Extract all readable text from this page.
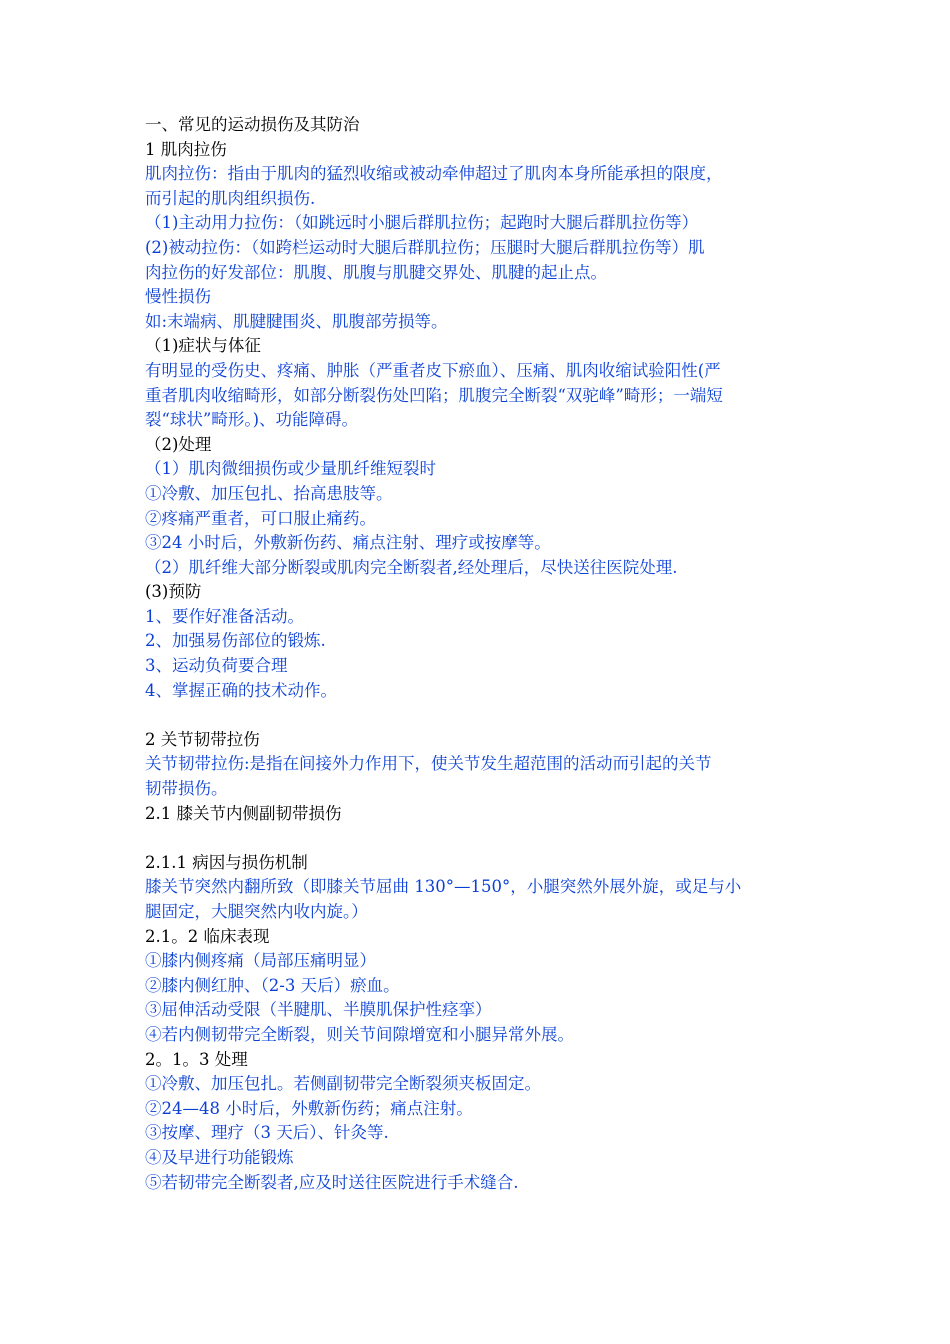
一、常见的运动损伤及其防治
1 肌肉拉伤
肌肉拉伤：指由于肌肉的猛烈收缩或被动牵伸超过了肌肉本身所能承担的限度，
而引起的肌肉组织损伤.
（1)主动用力拉伤：（如跳远时小腿后群肌拉伤；起跑时大腿后群肌拉伤等）
(2)被动拉伤：（如跨栏运动时大腿后群肌拉伤；压腿时大腿后群肌拉伤等）肌
肉拉伤的好发部位：肌腹、肌腹与肌腱交界处、肌腱的起止点。
慢性损伤
如:末端病、肌腱腱围炎、肌腹部劳损等。
（1)症状与体征
有明显的受伤史、疼痛、肿胀（严重者皮下瘀血）、压痛、肌肉收缩试验阳性(严
重者肌肉收缩畸形，如部分断裂伤处凹陷；肌腹完全断裂“双驼峰”畸形；一端短
裂“球状”畸形。)、功能障碍。
（2)处理
（1）肌肉微细损伤或少量肌纤维短裂时
①冷敷、加压包扎、抬高患肢等。
②疼痛严重者，可口服止痛药。
③24 小时后，外敷新伤药、痛点注射、理疗或按摩等。
（2）肌纤维大部分断裂或肌肉完全断裂者,经处理后，尽快送往医院处理.
(3)预防
1、要作好准备活动。
2、加强易伤部位的锻炼.
3、运动负荷要合理
4、掌握正确的技术动作。
2 关节韧带拉伤
关节韧带拉伤:是指在间接外力作用下，使关节发生超范围的活动而引起的关节
韧带损伤。
2.1 膝关节内侧副韧带损伤
2.1.1 病因与损伤机制
膝关节突然内翻所致（即膝关节屈曲 130°—150°，小腿突然外展外旋，或足与小
腿固定，大腿突然内收内旋。）
2.1。2 临床表现
①膝内侧疼痛（局部压痛明显）
②膝内侧红肿、（2-3 天后）瘀血。
③屈伸活动受限（半腱肌、半膜肌保护性痉挛）
④若内侧韧带完全断裂，则关节间隙增宽和小腿异常外展。
2。1。3 处理
①冷敷、加压包扎。若侧副韧带完全断裂须夹板固定。
②24—48 小时后，外敷新伤药；痛点注射。
③按摩、理疗（3 天后）、针灸等.
④及早进行功能锻炼
⑤若韧带完全断裂者,应及时送往医院进行手术缝合.
